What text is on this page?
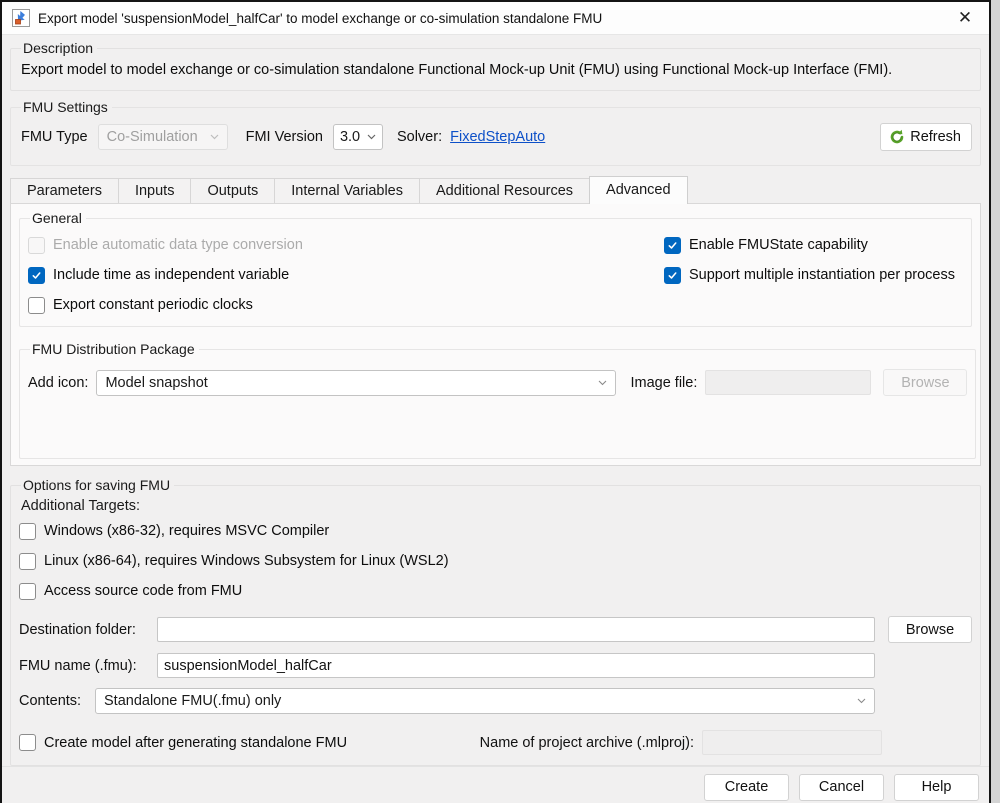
Export model 'suspensionModel_halfCar' to model exchange or co-simulation standalone FMU	✕
Description
Export model to model exchange or co-simulation standalone Functional Mock-up Unit (FMU) using Functional Mock-up Interface (FMI).
FMU Settings
FMU Type Co-Simulation	FMI Version 3.0	Solver: FixedStepAuto	Refresh
Parameters Inputs Outputs Internal Variables Additional Resources Advanced
General
Enable automatic data type conversion	Enable FMUState capability
Include time as independent variable	Support multiple instantiation per process
Export constant periodic clocks
FMU Distribution Package
Add icon: Model snapshot	Image file:	Browse
Options for saving FMU
Additional Targets:
Windows (x86-32), requires MSVC Compiler
Linux (x86-64), requires Windows Subsystem for Linux (WSL2)
Access source code from FMU
Destination folder:	Browse
FMU name (.fmu):
suspensionModel_halfCar
Contents:	Standalone FMU(.fmu) only
Create model after generating standalone FMU	Name of project archive (.mlproj):
Create	Cancel	Help
